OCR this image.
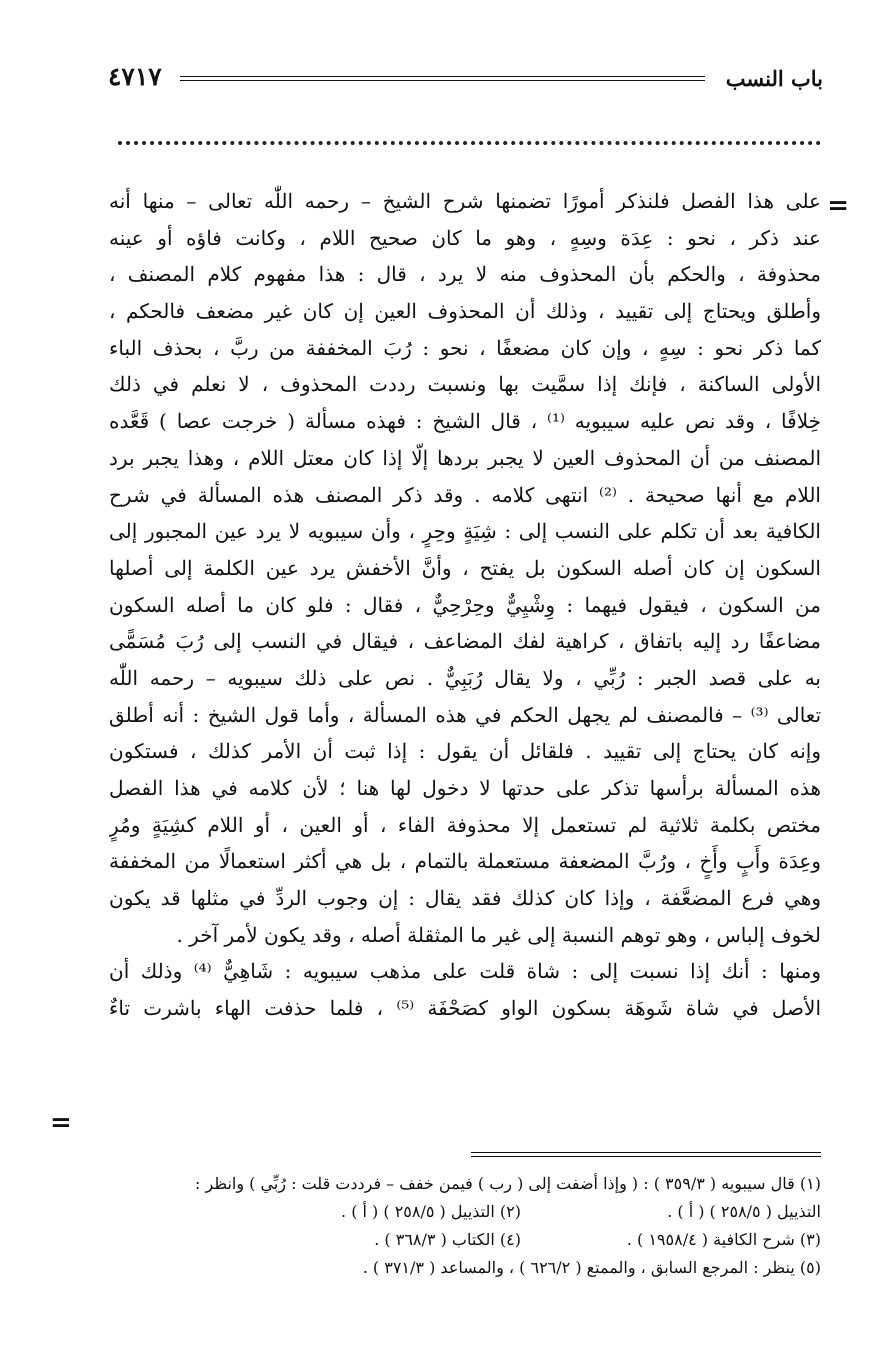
باب النسب
٤٧١٧
=
=
على هذا الفصل فلنذكر أمورًا تضمنها شرح الشيخ – رحمه اللّٰه تعالى – منها أنه
عند ذكر ، نحو : عِدَة وسِهٍ ، وهو ما كان صحيح اللام ، وكانت فاؤه أو عينه
محذوفة ، والحكم بأن المحذوف منه لا يرد ، قال : هذا مفهوم كلام المصنف ،
وأطلق ويحتاج إلى تقييد ، وذلك أن المحذوف العين إن كان غير مضعف فالحكم ،
كما ذكر نحو : سِهٍ ، وإن كان مضعفًا ، نحو : رُبَ المخففة من ربَّ ، بحذف الباء
الأولى الساكنة ، فإنك إذا سمَّيت بها ونسبت رددت المحذوف ، لا نعلم في ذلك
خِلافًا ، وقد نص عليه سيبويه ⁽¹⁾ ، قال الشيخ : فهذه مسألة ( خرجت عصا ) قَعَّده
المصنف من أن المحذوف العين لا يجبر بردها إلّا إذا كان معتل اللام ، وهذا يجبر برد
اللام مع أنها صحيحة . ⁽²⁾ انتهى كلامه . وقد ذكر المصنف هذه المسألة في شرح
الكافية بعد أن تكلم على النسب إلى : شِيَةٍ وحِرٍ ، وأن سيبويه لا يرد عين المجبور إلى
السكون إن كان أصله السكون بل يفتح ، وأنَّ الأخفش يرد عين الكلمة إلى أصلها
من السكون ، فيقول فيهما : وِشْيِيٌّ وحِرْحِيٌّ ، فقال : فلو كان ما أصله السكون
مضاعفًا رد إليه باتفاق ، كراهية لفك المضاعف ، فيقال في النسب إلى رُبَ مُسَمًّى
به على قصد الجبر : رُبِّي ، ولا يقال رُبَبِيٌّ . نص على ذلك سيبويه – رحمه اللّٰه
تعالى ⁽³⁾ – فالمصنف لم يجهل الحكم في هذه المسألة ، وأما قول الشيخ : أنه أطلق
وإنه كان يحتاج إلى تقييد . فلقائل أن يقول : إذا ثبت أن الأمر كذلك ، فستكون
هذه المسألة برأسها تذكر على حدتها لا دخول لها هنا ؛ لأن كلامه في هذا الفصل
مختص بكلمة ثلاثية لم تستعمل إلا محذوفة الفاء ، أو العين ، أو اللام كشِيَةٍ ومُرٍ
وعِدَة وأَبٍ وأَخٍ ، ورُبَّ المضعفة مستعملة بالتمام ، بل هي أكثر استعمالًا من المخففة
وهي فرع المضعَّفة ، وإذا كان كذلك فقد يقال : إن وجوب الردِّ في مثلها قد يكون
لخوف إلباس ، وهو توهم النسبة إلى غير ما المثقلة أصله ، وقد يكون لأمر آخر .
ومنها : أنك إذا نسبت إلى : شاة قلت على مذهب سيبويه : شَاهِيٌّ ⁽⁴⁾ وذلك أن
الأصل في شاة شَوهَة بسكون الواو كصَحْفَة ⁽⁵⁾ ، فلما حذفت الهاء باشرت تاءٌ
(١) قال سيبويه ( ٣٥٩/٣ ) : ( وإذا أضفت إلى ( رب ) فيمن خفف – فرددت قلت : رُبِّي ) وانظر :
التذييل ( ٢٥٨/٥ ) ( أ ) .
(٢) التذييل ( ٢٥٨/٥ ) ( أ ) .
(٣) شرح الكافية ( ١٩٥٨/٤ ) .
(٤) الكتاب ( ٣٦٨/٣ ) .
(٥) ينظر : المرجع السابق ، والممتع ( ٦٢٦/٢ ) ، والمساعد ( ٣٧١/٣ ) .
